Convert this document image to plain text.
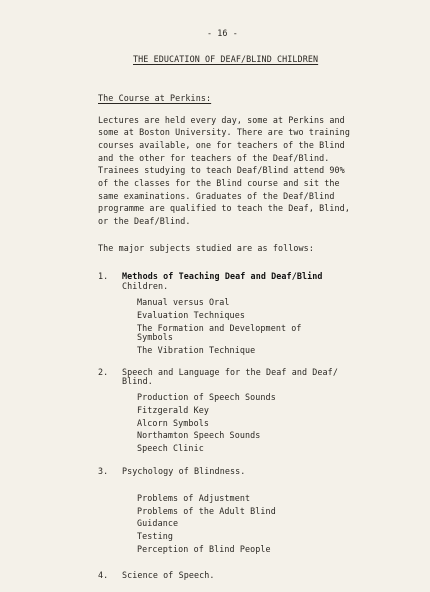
- 16 -
THE EDUCATION OF DEAF/BLIND CHILDREN
The Course at Perkins:
Lectures are held every day, some at Perkins and
some at Boston University. There are two training
courses available, one for teachers of the Blind
and the other for teachers of the Deaf/Blind.
Trainees studying to teach Deaf/Blind attend 90%
of the classes for the Blind course and sit the
same examinations. Graduates of the Deaf/Blind
programme are qualified to teach the Deaf, Blind,
or the Deaf/Blind.
The major subjects studied are as follows:
1. Methods of Teaching Deaf and Deaf/Blind
Children.
Manual versus Oral
Evaluation Techniques
The Formation and Development of
Symbols
The Vibration Technique
2. Speech and Language for the Deaf and Deaf/
Blind.
Production of Speech Sounds
Fitzgerald Key
Alcorn Symbols
Northamton Speech Sounds
Speech Clinic
3. Psychology of Blindness.
Problems of Adjustment
Problems of the Adult Blind
Guidance
Testing
Perception of Blind People
4. Science of Speech.
